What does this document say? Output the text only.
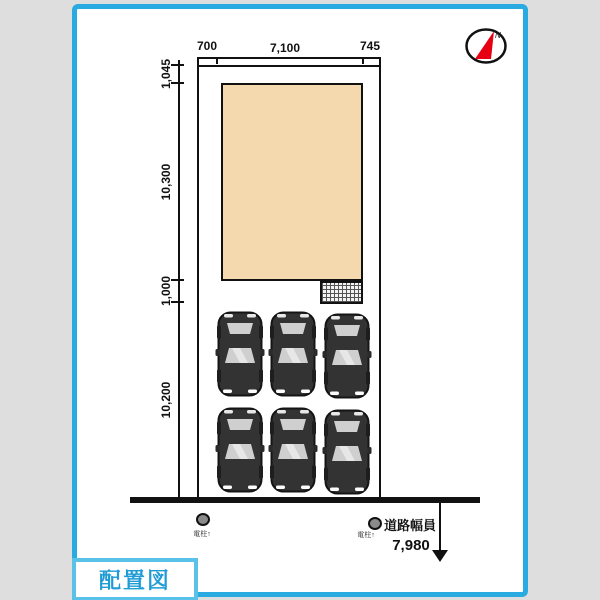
N
700	7,100	745
1,045
10,300
1,000
10,200
電柱↑	電柱↑
道路幅員
7,980
配置図
